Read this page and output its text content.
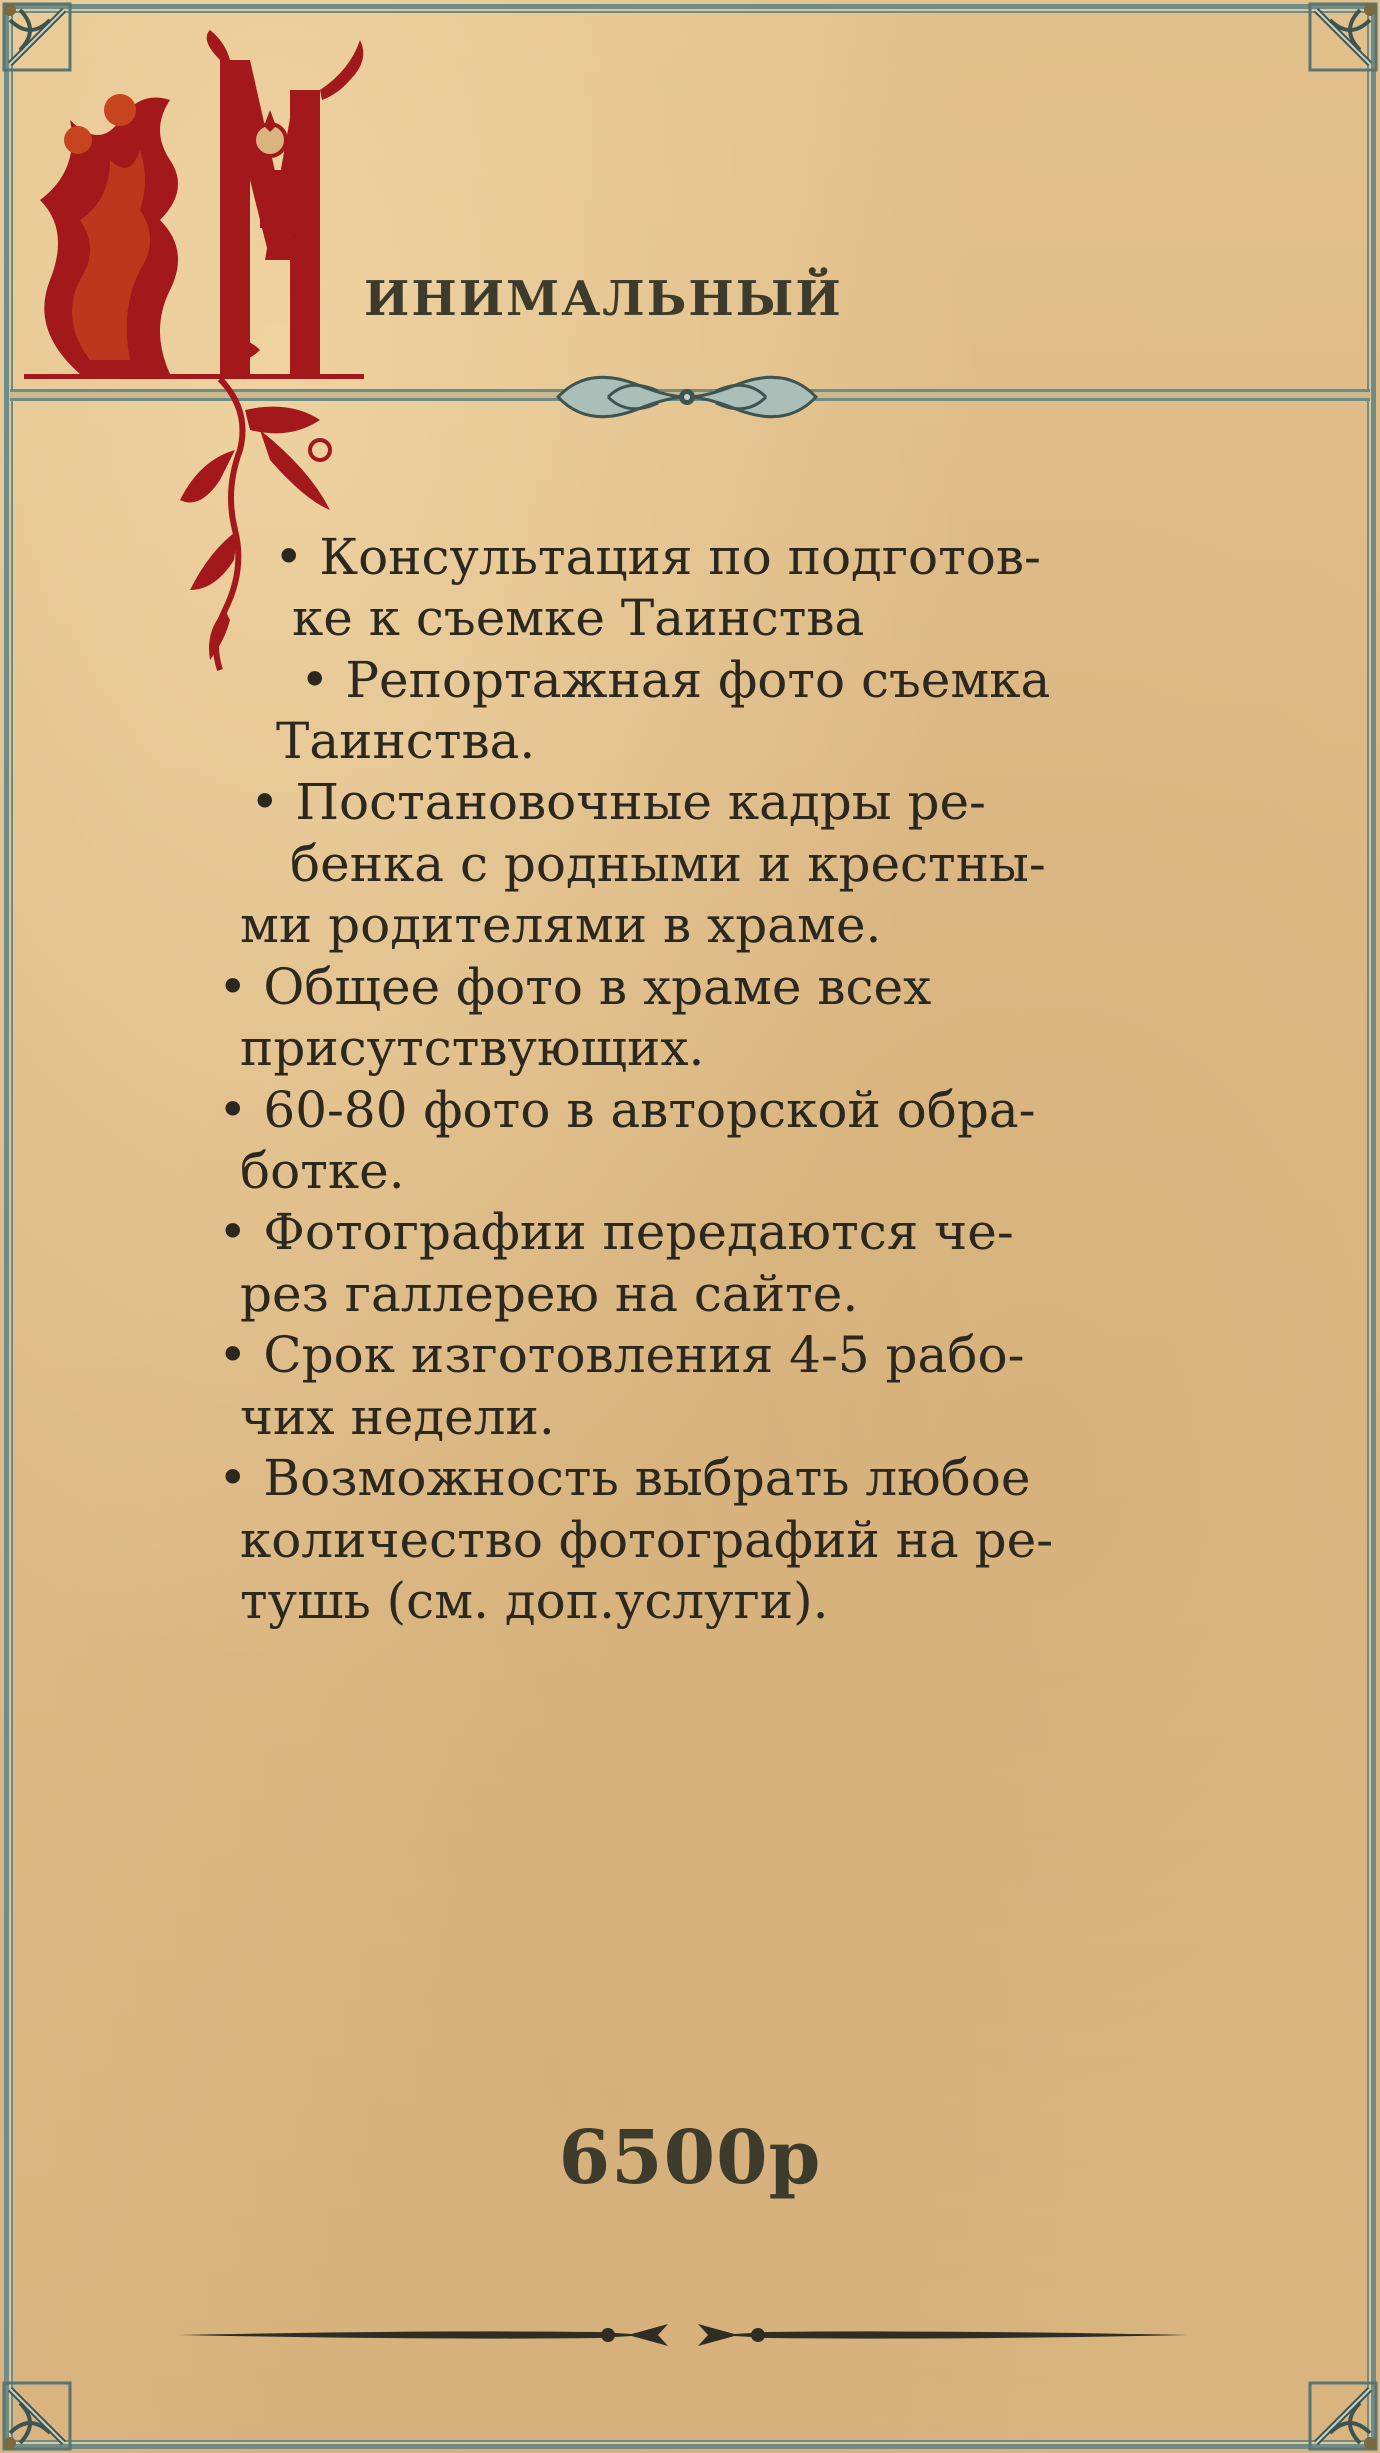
инимальный
• Консультация по подготов-
ке к съемке Таинства
• Репортажная фото съемка
Таинства.
• Постановочные кадры ре-
бенка с родными и крестны-
ми родителями в храме.
• Общее фото в храме всех
присутствующих.
• 60-80 фото в авторской обра-
ботке.
• Фотографии передаются че-
рез галлерею на сайте.
• Срок изготовления 4-5 рабо-
чих недели.
• Возможность выбрать любое
количество фотографий на ре-
тушь (см. доп.услуги).
6500р
